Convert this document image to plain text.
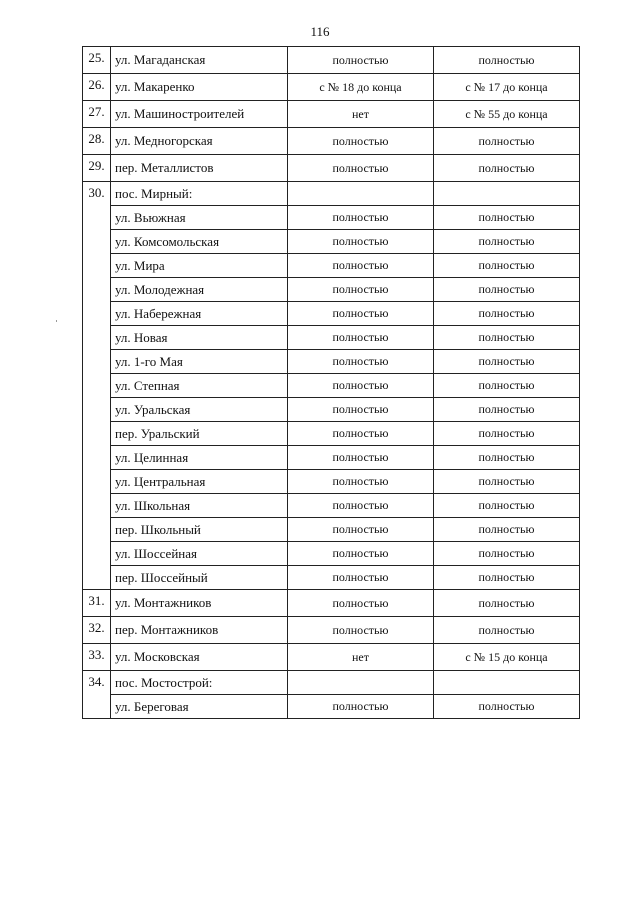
116
25.	ул. Магаданская	полностью	полностью
26.	ул. Макаренко	с № 18 до конца	с № 17 до конца
27.	ул. Машиностроителей	нет	с № 55 до конца
28.	ул. Медногорская	полностью	полностью
29.	пер. Металлистов	полностью	полностью
30.	пос. Мирный:		
	ул. Вьюжная	полностью	полностью
	ул. Комсомольская	полностью	полностью
	ул. Мира	полностью	полностью
	ул. Молодежная	полностью	полностью
	ул. Набережная	полностью	полностью
	ул. Новая	полностью	полностью
	ул. 1-го Мая	полностью	полностью
	ул. Степная	полностью	полностью
	ул. Уральская	полностью	полностью
	пер. Уральский	полностью	полностью
	ул. Целинная	полностью	полностью
	ул. Центральная	полностью	полностью
	ул. Школьная	полностью	полностью
	пер. Школьный	полностью	полностью
	ул. Шоссейная	полностью	полностью
	пер. Шоссейный	полностью	полностью
31.	ул. Монтажников	полностью	полностью
32.	пер. Монтажников	полностью	полностью
33.	ул. Московская	нет	с № 15 до конца
34.	пос. Мостострой:		
	ул. Береговая	полностью	полностью
